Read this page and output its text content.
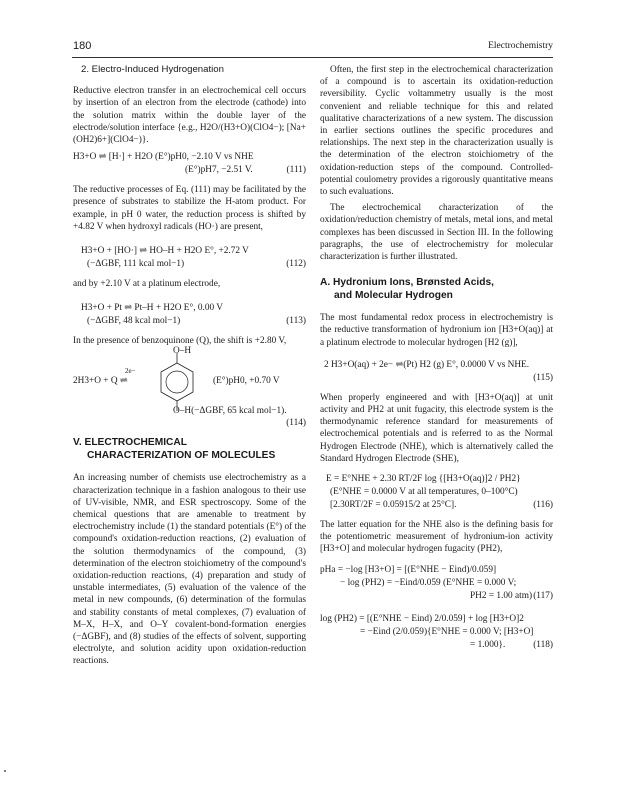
180	Electrochemistry
2. Electro-Induced Hydrogenation

Reductive electron transfer in an electrochemical cell occurs by insertion of an electron from the electrode (cathode) into the solution matrix within the double layer of the electrode/solution interface {e.g., H2O/(H3+O)(ClO4−); [Na+(OH2)6+](ClO4−)}.

H3+O ⇌ [H·] + H2O (E°)pH0, −2.10 V vs NHE
(E°)pH7, −2.51 V.	(111)

The reductive processes of Eq. (111) may be facilitated by the presence of substrates to stabilize the H-atom product. For example, in pH 0 water, the reduction process is shifted by +4.82 V when hydroxyl radicals (HO·) are present,

H3+O + [HO·] ⇌ HO–H + H2O E°, +2.72 V
(−ΔGBF, 111 kcal mol−1)	(112)

and by +2.10 V at a platinum electrode,

H3+O + Pt ⇌ Pt–H + H2O E°, 0.00 V
(−ΔGBF, 48 kcal mol−1)	(113)

In the presence of benzoquinone (Q), the shift is +2.80 V,

2H3+O + Q ⇌
2e−
O–H
O–H(−ΔGBF, 65 kcal mol−1).
(E°)pH0, +0.70 V
(114)
V. ELECTROCHEMICAL
CHARACTERIZATION OF MOLECULES

An increasing number of chemists use electrochemistry as a characterization technique in a fashion analogous to their use of UV-visible, NMR, and ESR spectroscopy. Some of the chemical questions that are amenable to treatment by electrochemistry include (1) the standard potentials (E°) of the compound's oxidation-reduction reactions, (2) evaluation of the solution thermodynamics of the compound, (3) determination of the electron stoichiometry of the compound's oxidation-reduction reactions, (4) preparation and study of unstable intermediates, (5) evaluation of the valence of the metal in new compounds, (6) determination of the formulas and stability constants of metal complexes, (7) evaluation of M–X, H–X, and O–Y covalent-bond-formation energies (−ΔGBF), and (8) studies of the effects of solvent, supporting electrolyte, and solution acidity upon oxidation-reduction reactions.

Often, the first step in the electrochemical characterization of a compound is to ascertain its oxidation-reduction reversibility. Cyclic voltammetry usually is the most convenient and reliable technique for this and related qualitative characterizations of a new system. The discussion in earlier sections outlines the specific procedures and relationships. The next step in the characterization usually is the determination of the electron stoichiometry of the oxidation-reduction steps of the compound. Controlled-potential coulometry provides a rigorously quantitative means to such evaluations.

The electrochemical characterization of the oxidation/reduction chemistry of metals, metal ions, and metal complexes has been discussed in Section III. In the following paragraphs, the use of electrochemistry for molecular characterization is further illustrated.

A. Hydronium Ions, Brønsted Acids,
and Molecular Hydrogen

The most fundamental redox process in electrochemistry is the reductive transformation of hydronium ion [H3+O(aq)] at a platinum electrode to molecular hydrogen [H2 (g)],

2 H3+O(aq) + 2e− ⇌(Pt) H2 (g) E°, 0.0000 V vs NHE.
(115)

When properly engineered and with [H3+O(aq)] at unit activity and PH2 at unit fugacity, this electrode system is the thermodynamic reference standard for measurements of electrochemical potentials and is referred to as the Normal Hydrogen Electrode (NHE), which is alternatively called the Standard Hydrogen Electrode (SHE),

E = E°NHE + 2.30 RT/2F log {[H3+O(aq)]2 / PH2}
(E°NHE = 0.0000 V at all temperatures, 0–100°C)
[2.30RT/2F = 0.05915/2 at 25°C].	(116)

The latter equation for the NHE also is the defining basis for the potentiometric measurement of hydronium-ion activity [H3+O] and molecular hydrogen fugacity (PH2),

pHa = −log [H3+O] = [(E°NHE − Eind)/0.059]
− log (PH2) = −Eind/0.059 (E°NHE = 0.000 V;
PH2 = 1.00 atm) (117)
log (PH2) = [(E°NHE − Eind) 2/0.059] + log [H3+O]2
= −Eind (2/0.059){E°NHE = 0.000 V; [H3+O]
= 1.000}.	(118)
